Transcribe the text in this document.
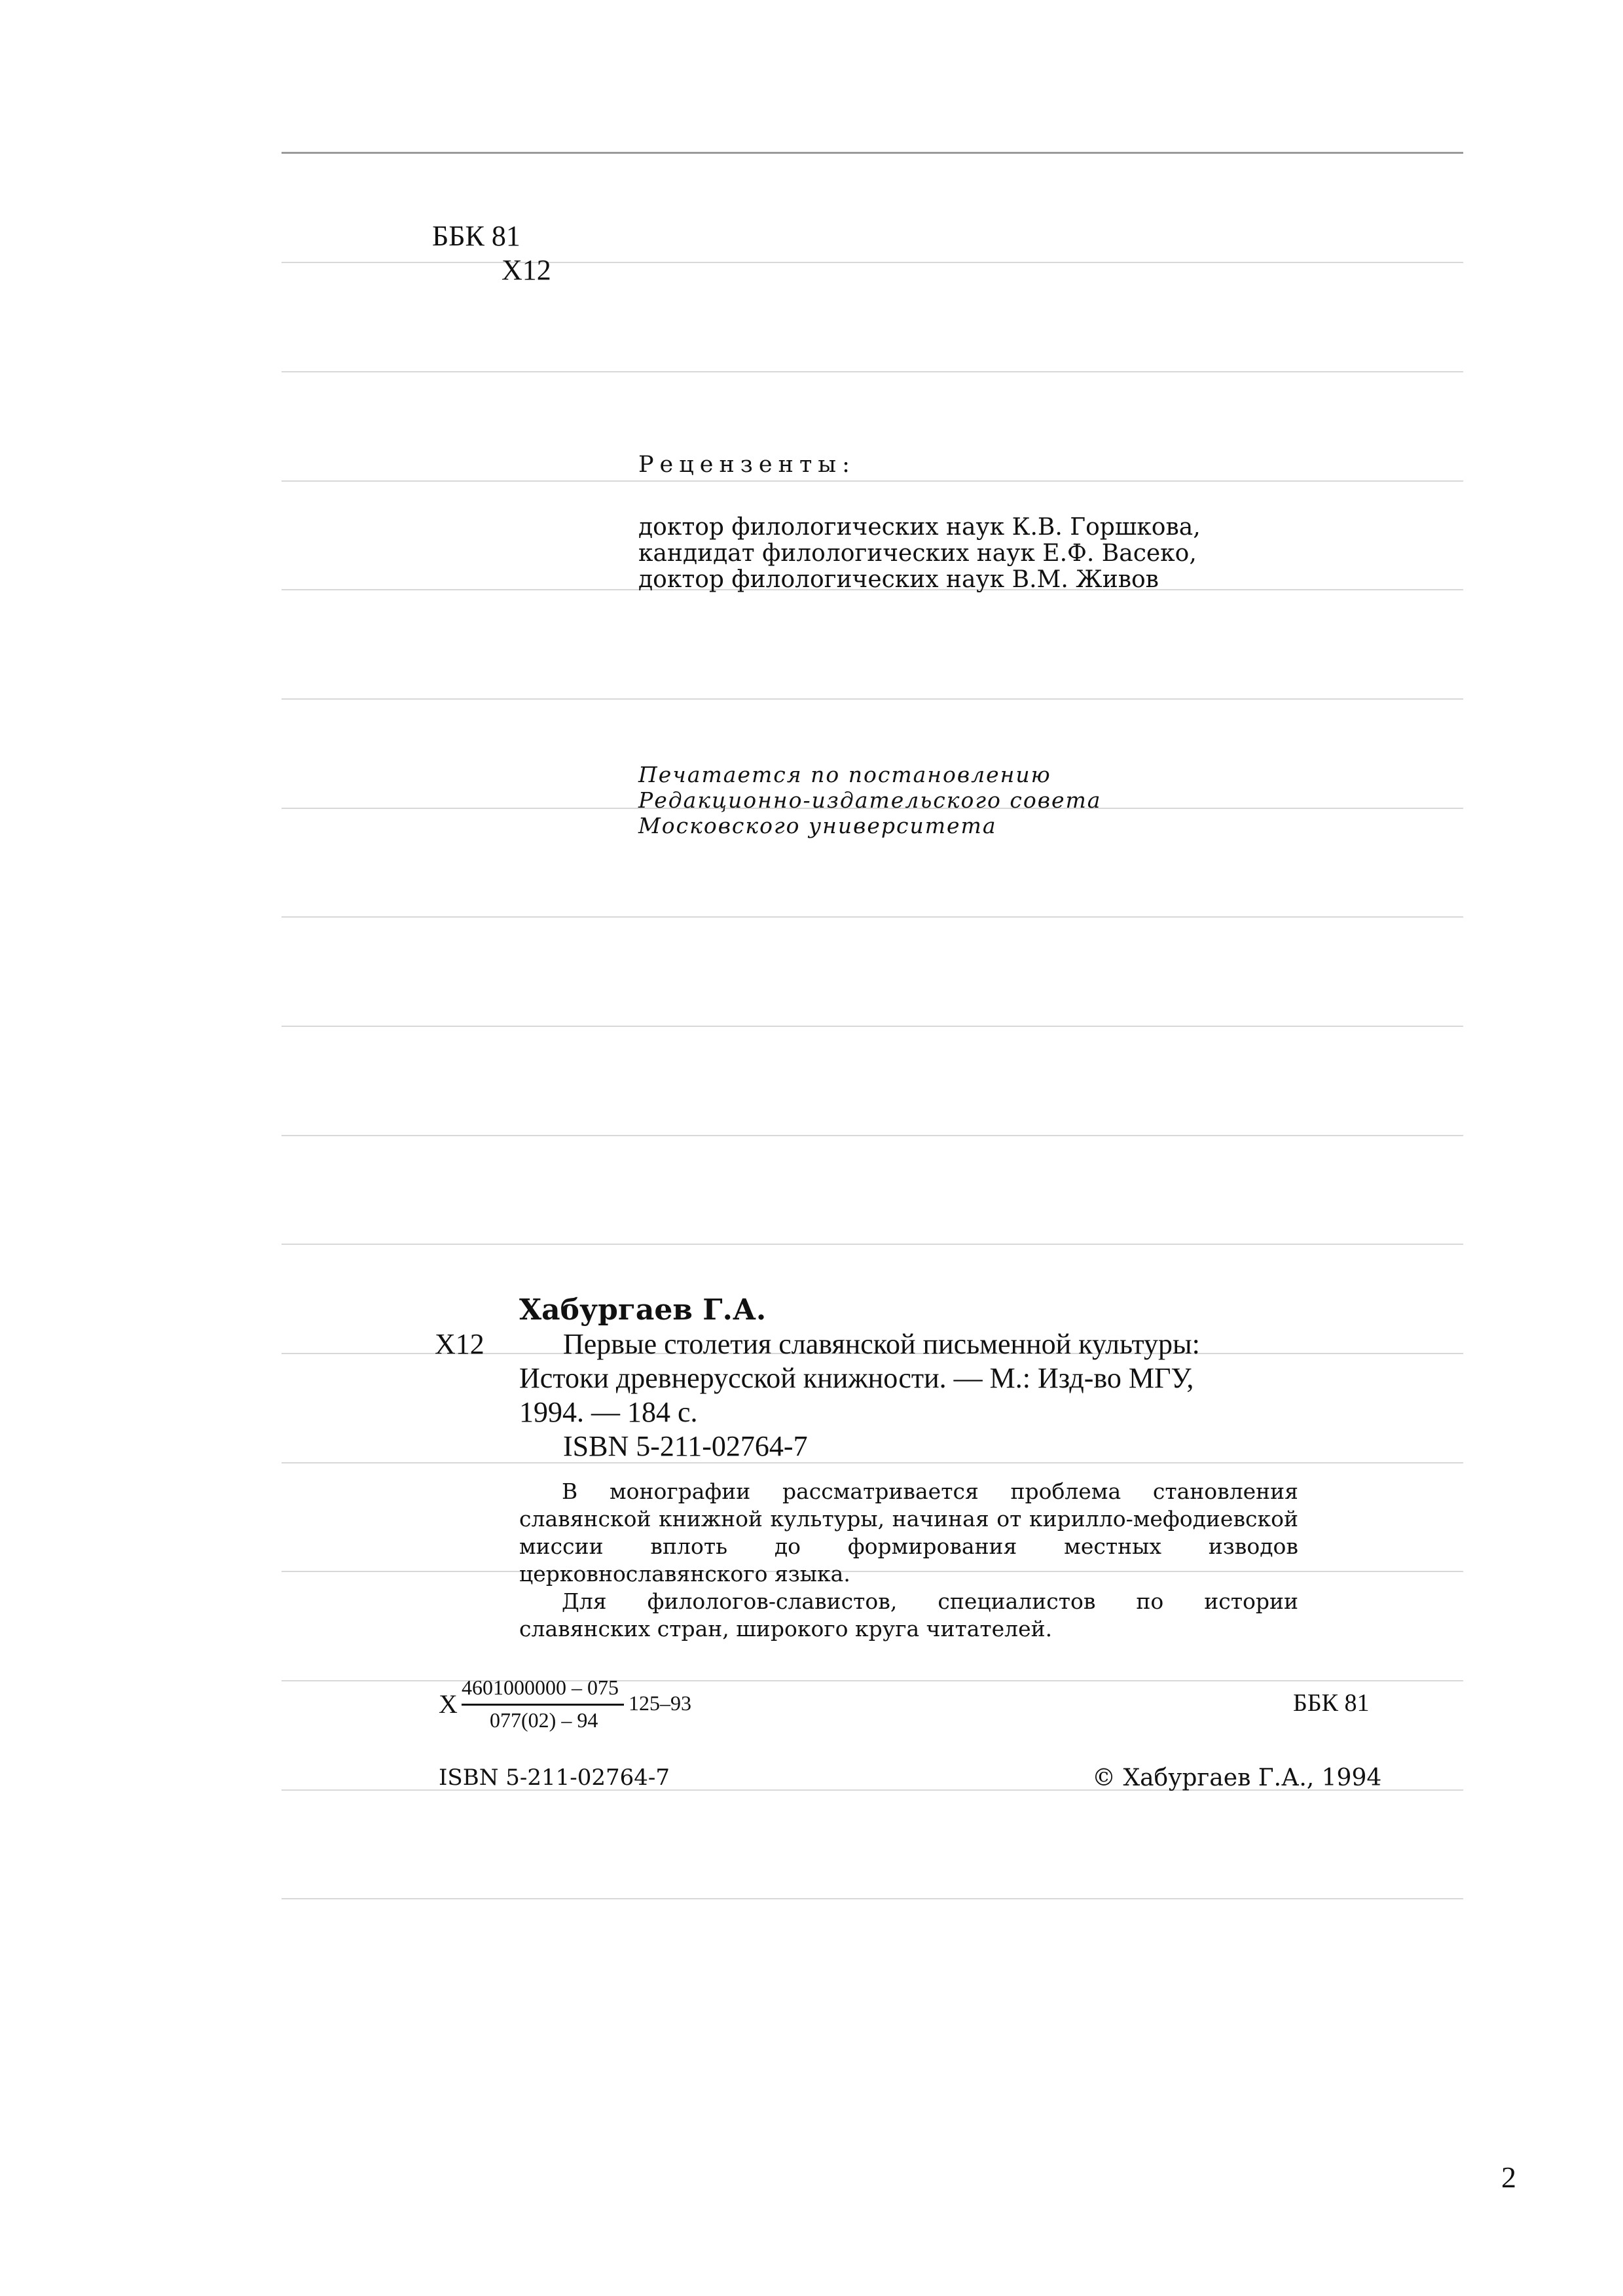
ББК 81
Х12
Рецензенты:
доктор филологических наук К.В. Горшкова,
кандидат филологических наук Е.Ф. Васеко,
доктор филологических наук В.М. Живов
Печатается по постановлению
Редакционно-издательского совета
Московского университета
Хабургаев Г.А.
Х12	Первые столетия славянской письменной культуры:
Истоки древнерусской книжности. — М.: Изд-во МГУ,
1994. — 184 с.
ISBN 5-211-02764-7
В монографии рассматривается проблема становления славянской книжной культуры, начиная от кирилло-мефодиевской миссии вплоть до формирования местных изводов церковнославянского языка.
Для филологов-славистов, специалистов по истории славянских стран, широкого круга читателей.
Х
4601000000 – 075
077(02) – 94
125–93	ББК 81
ISBN 5-211-02764-7	© Хабургаев Г.А., 1994
2
